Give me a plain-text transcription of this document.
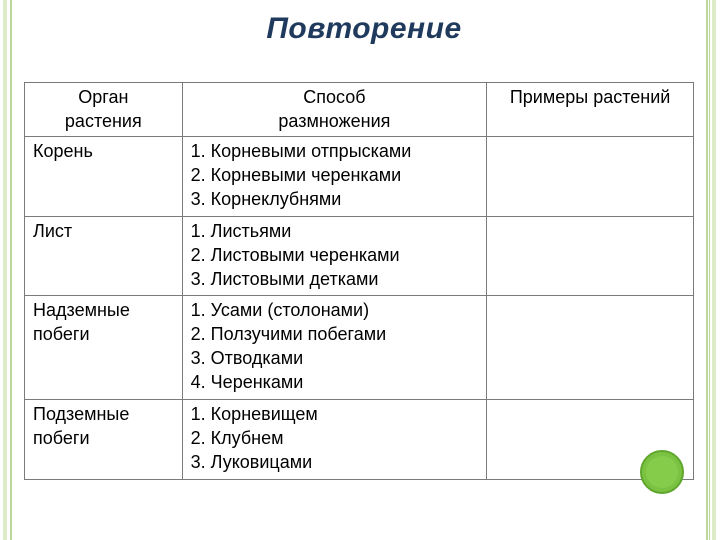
Повторение
Орган
растения	Способ
размножения	Примеры растений

Корень	1. Корневыми отпрысками
2. Корневыми черенками
3. Корнеклубнями	

Лист	1. Листьями
2. Листовыми черенками
3. Листовыми детками	

Надземные
побеги	1. Усами (столонами)
2. Ползучими побегами
3. Отводками
4. Черенками	

Подземные
побеги	1. Корневищем
2. Клубнем
3. Луковицами	
